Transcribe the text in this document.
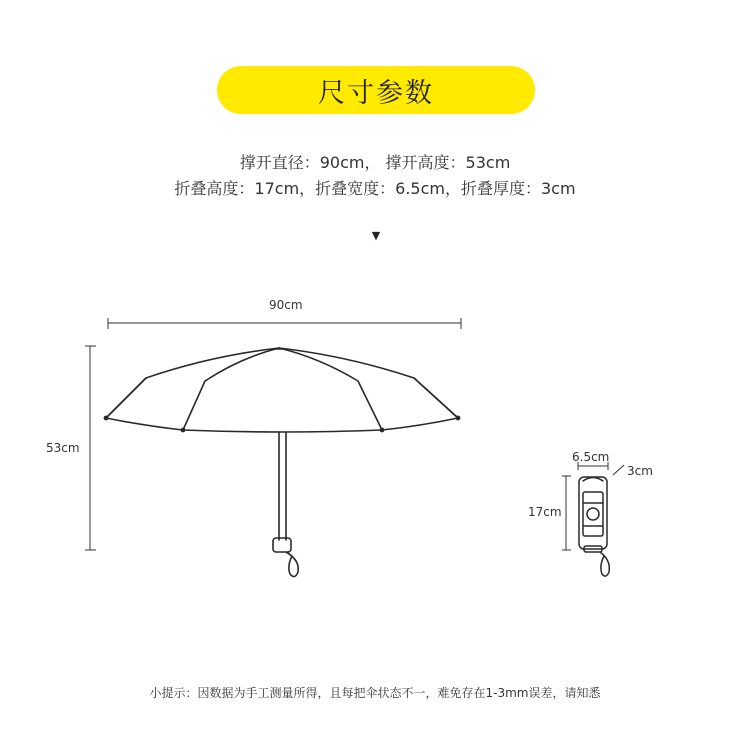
尺寸参数
撑开直径：90cm， 撑开高度：53cm
折叠高度：17cm，折叠宽度：6.5cm，折叠厚度：3cm
▼
90cm
53cm
6.5cm
3cm
17cm
小提示：因数据为手工测量所得，且每把伞状态不一，难免存在1-3mm误差，请知悉
